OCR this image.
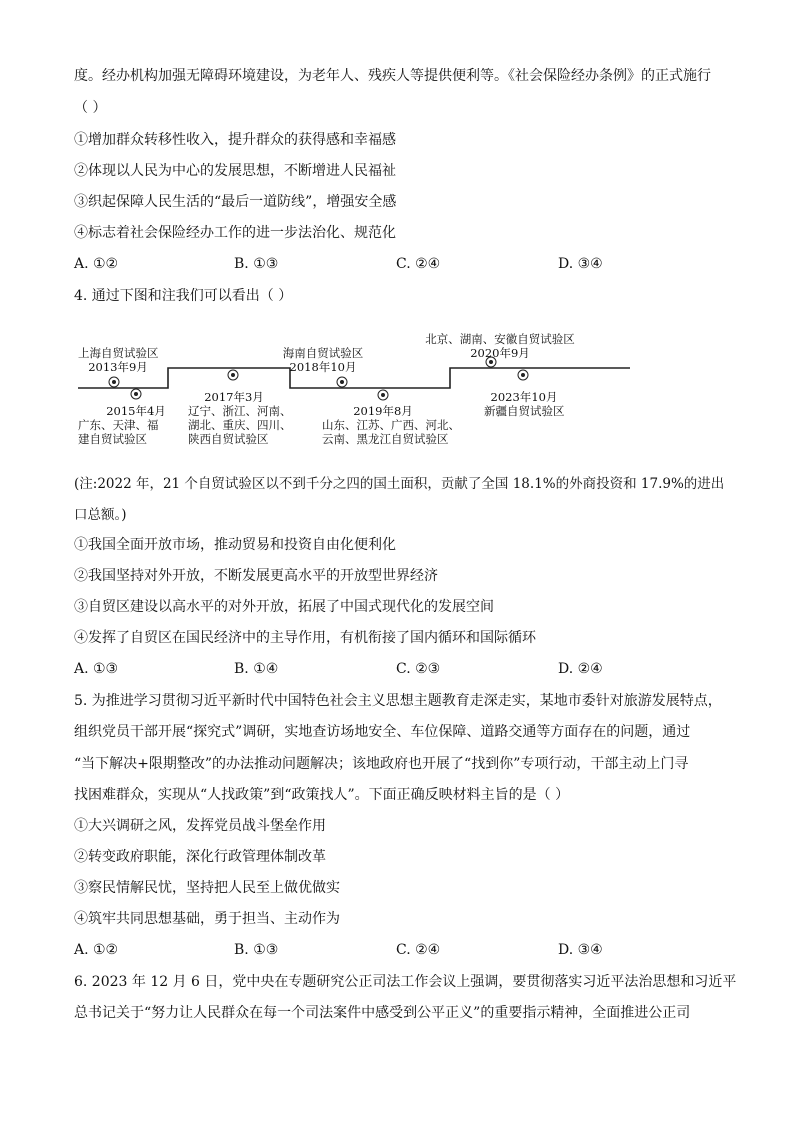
度。经办机构加强无障碍环境建设，为老年人、残疾人等提供便利等。《社会保险经办条例》的正式施行
（ ）
①增加群众转移性收入，提升群众的获得感和幸福感
②体现以人民为中心的发展思想，不断增进人民福祉
③织起保障人民生活的“最后一道防线”，增强安全感
④标志着社会保险经办工作的进一步法治化、规范化
A. ①②	B. ①③	C. ②④	D. ③④
4. 通过下图和注我们可以看出（ ）
上海自贸试验区
2013年9月
海南自贸试验区
2018年10月
北京、湖南、安徽自贸试验区
2020年9月
2015年4月
广东、天津、福
建自贸试验区
2017年3月
辽宁、浙江、河南、
湖北、重庆、四川、
陕西自贸试验区
2019年8月
山东、江苏、广西、河北、
云南、黑龙江自贸试验区
2023年10月
新疆自贸试验区
(注:2022 年，21 个自贸试验区以不到千分之四的国土面积，贡献了全国 18.1%的外商投资和 17.9%的进出
口总额。)
①我国全面开放市场，推动贸易和投资自由化便利化
②我国坚持对外开放，不断发展更高水平的开放型世界经济
③自贸区建设以高水平的对外开放，拓展了中国式现代化的发展空间
④发挥了自贸区在国民经济中的主导作用，有机衔接了国内循环和国际循环
A. ①③	B. ①④	C. ②③	D. ②④
5. 为推进学习贯彻习近平新时代中国特色社会主义思想主题教育走深走实，某地市委针对旅游发展特点，
组织党员干部开展“探究式”调研，实地查访场地安全、车位保障、道路交通等方面存在的问题，通过
“当下解决+限期整改”的办法推动问题解决；该地政府也开展了“找到你”专项行动，干部主动上门寻
找困难群众，实现从“人找政策”到“政策找人”。下面正确反映材料主旨的是（ ）
①大兴调研之风，发挥党员战斗堡垒作用
②转变政府职能，深化行政管理体制改革
③察民情解民忧，坚持把人民至上做优做实
④筑牢共同思想基础，勇于担当、主动作为
A. ①②	B. ①③	C. ②④	D. ③④
6. 2023 年 12 月 6 日，党中央在专题研究公正司法工作会议上强调，要贯彻落实习近平法治思想和习近平
总书记关于“努力让人民群众在每一个司法案件中感受到公平正义”的重要指示精神，全面推进公正司
